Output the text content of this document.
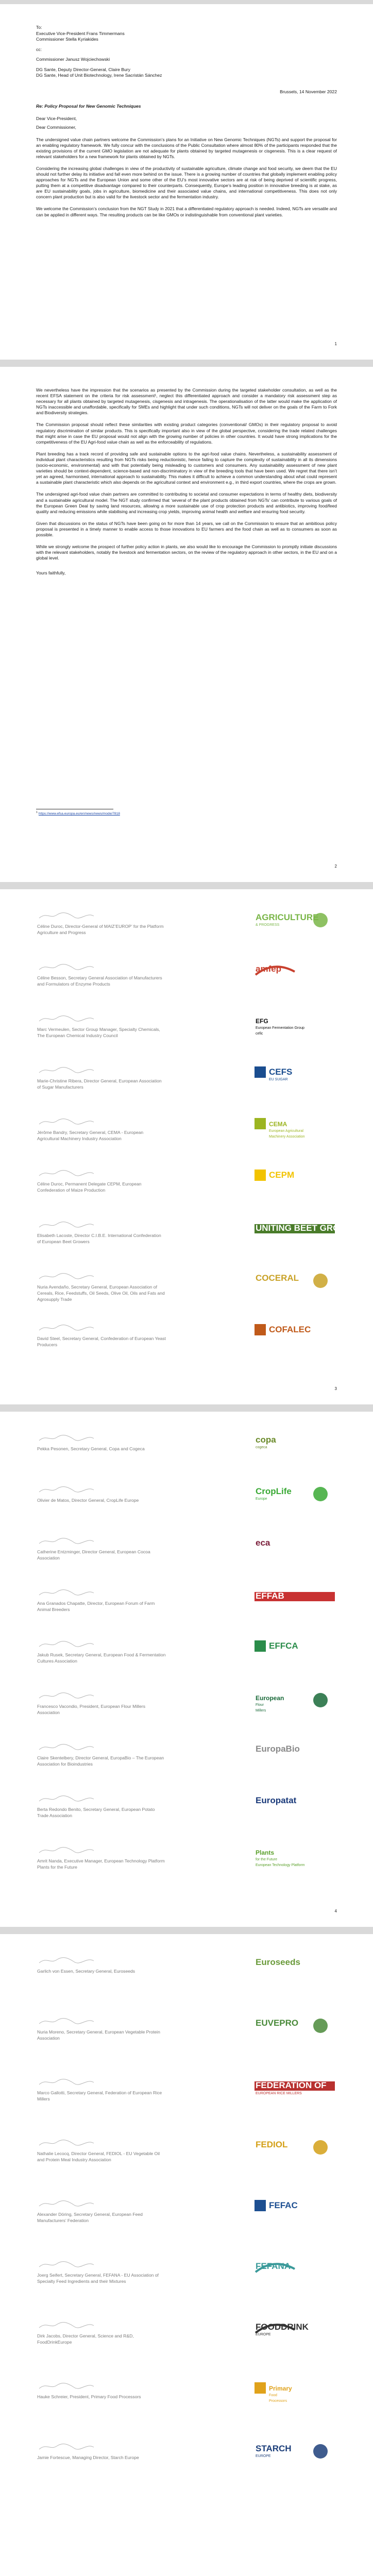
To:
Executive Vice-President Frans Timmermans
Commissioner Stella Kyriakides
cc:
Commissioner Janusz Wojciechowski
DG Sante, Deputy Director-General, Claire Bury
DG Sante, Head of Unit Biotechnology, Irene Sacristán Sánchez
Brussels, 14 November 2022
Re: Policy Proposal for New Genomic Techniques
Dear Vice-President,
Dear Commissioner,

The undersigned value chain partners welcome the Commission’s plans for an Initiative on New Genomic Techniques (NGTs) and support the proposal for an enabling regulatory framework. We fully concur with the conclusions of the Public Consultation where almost 80% of the participants responded that the existing provisions of the current GMO legislation are not adequate for plants obtained by targeted mutagenesis or cisgenesis. This is a clear request of relevant stakeholders for a new framework for plants obtained by NGTs.

Considering the increasing global challenges in view of the productivity of sustainable agriculture, climate change and food security, we deem that the EU should not further delay its initiative and fall even more behind on the issue. There is a growing number of countries that globally implement enabling policy approaches for NGTs and the European Union and some other of the EU’s most innovative sectors are at risk of being deprived of scientific progress, putting them at a competitive disadvantage compared to their counterparts. Consequently, Europe’s leading position in innovative breeding is at stake, as are EU sustainability goals, jobs in agriculture, biomedicine and their associated value chains, and international competitiveness. This does not only concern plant production but is also valid for the livestock sector and the fermentation industry.

We welcome the Commission’s conclusion from the NGT Study in 2021 that a differentiated regulatory approach is needed. Indeed, NGTs are versatile and can be applied in different ways. The resulting products can be like GMOs or indistinguishable from conventional plant varieties.

1

We nevertheless have the impression that the scenarios as presented by the Commission during the targeted stakeholder consultation, as well as the recent EFSA statement on the criteria for risk assessment¹, neglect this differentiated approach and consider a mandatory risk assessment step as necessary for all plants obtained by targeted mutagenesis, cisgenesis and intragenesis. The operationalisation of the latter would make the application of NGTs inaccessible and unaffordable, specifically for SMEs and highlight that under such conditions, NGTs will not deliver on the goals of the Farm to Fork and Biodiversity strategies.

The Commission proposal should reflect these similarities with existing product categories (conventional/ GMOs) in their regulatory proposal to avoid regulatory discrimination of similar products. This is specifically important also in view of the global perspective, considering the trade related challenges that might arise in case the EU proposal would not align with the growing number of policies in other countries. It would have strong implications for the competitiveness of the EU Agri-food value chain as well as the enforceability of regulations.

Plant breeding has a track record of providing safe and sustainable options to the agri-food value chains. Nevertheless, a sustainability assessment of individual plant characteristics resulting from NGTs risks being reductionistic, hence failing to capture the complexity of sustainability in all its dimensions (socio-economic, environmental) and with that potentially being misleading to customers and consumers. Any sustainability assessment of new plant varieties should be context-dependent, science-based and non-discriminatory in view of the breeding tools that have been used. We regret that there isn’t yet an agreed, harmonised, international approach to sustainability. This makes it difficult to achieve a common understanding about what could represent a sustainable plant characteristic which also depends on the agricultural context and environment e.g., in third export countries, where the crops are grown.

The undersigned agri-food value chain partners are committed to contributing to societal and consumer expectations in terms of healthy diets, biodiversity and a sustainable agricultural model. The NGT study confirmed that ‘several of the plant products obtained from NGTs’ can contribute to various goals of the European Green Deal by saving land resources, allowing a more sustainable use of crop protection products and antibiotics, improving food/feed quality and reducing emissions while stabilising and increasing crop yields, improving animal health and welfare and ensuring food security.

Given that discussions on the status of NGTs have been going on for more than 14 years, we call on the Commission to ensure that an ambitious policy proposal is presented in a timely manner to enable access to those innovations to EU farmers and the food chain as well as to consumers as soon as possible.

While we strongly welcome the prospect of further policy action in plants, we also would like to encourage the Commission to promptly initiate discussions with the relevant stakeholders, notably the livestock and fermentation sectors, on the review of the regulatory approach in other sectors, in the EU and on a global level.

Yours faithfully,
$^1$ https://www.efsa.europa.eu/en/news/news/mode/7818
2
Céline Duroc, Director-General of MAIZ’EUROP’ for the Platform Agriculture and Progress
AGRICULTURE
& PROGRESS
Céline Besson, Secretary General Association of Manufacturers and Formulators of Enzyme Products
amfep
Marc Vermeulen, Sector Group Manager, Specialty Chemicals, The European Chemical Industry Council
EFG
European Fermentation Group
cefic
Marie-Christine Ribera, Director General, European Association of Sugar Manufacturers
CEFS
EU SUGAR
Jérôme Bandry, Secretary General, CEMA - European Agricultural Machinery Industry Association
CEMA
European Agricultural
Machinery Association
Céline Duroc, Permanent Delegate CEPM, European Confederation of Maize Production
CEPM
Elisabeth Lacoste, Director C.I.B.E. International Confederation of European Beet Growers
UNITING BEET GROWERS
Nuria Avendaño, Secretary General, European Association of Cereals, Rice, Feedstuffs, Oil Seeds, Olive Oil, Oils and Fats and Agrosupply Trade
COCERAL
David Steel, Secretary General, Confederation of European Yeast Producers
COFALEC
3
Pekka Pesonen, Secretary General, Copa and Cogeca
copa
cogeca
Olivier de Matos, Director General, CropLife Europe
CropLife
Europe
Catherine Entzminger, Director General, European Cocoa Association
eca
Ana Granados Chapatte, Director, European Forum of Farm Animal Breeders
EFFAB
Jakub Rusek, Secretary General, European Food & Fermentation Cultures Association
EFFCA
Francesco Vacondio, President, European Flour Millers Association
European
Flour
Millers
Claire Skentelbery, Director General, EuropaBio – The European Association for Bioindustries
EuropaBio
Berta Redondo Benito, Secretary General, European Potato Trade Association
Europatat
Amrit Nanda, Executive Manager, European Technology Platform Plants for the Future
Plants
for the Future
European Technology Platform
4
Garlich von Essen, Secretary General, Euroseeds
Euroseeds
Nuria Moreno, Secretary General, European Vegetable Protein Association
EUVEPRO
Marco Gallotti, Secretary General, Federation of European Rice Millers
FEDERATION OF
EUROPEAN RICE MILLERS
Nathalie Lecocq, Director General, FEDIOL - EU Vegetable Oil and Protein Meal Industry Association
FEDIOL
Alexander Döring, Secretary General, European Feed Manufacturers’ Federation
FEFAC
Joerg Seifert, Secretary General, FEFANA - EU Association of Specialty Feed Ingredients and their Mixtures
FEFANA
Dirk Jacobs, Director General, Science and R&D, FoodDrinkEurope
FOODDRINK
EUROPE
Hauke Schreier, President, Primary Food Processors
Primary
Food
Processors
Jamie Fortescue, Managing Director, Starch Europe
STARCH
EUROPE
